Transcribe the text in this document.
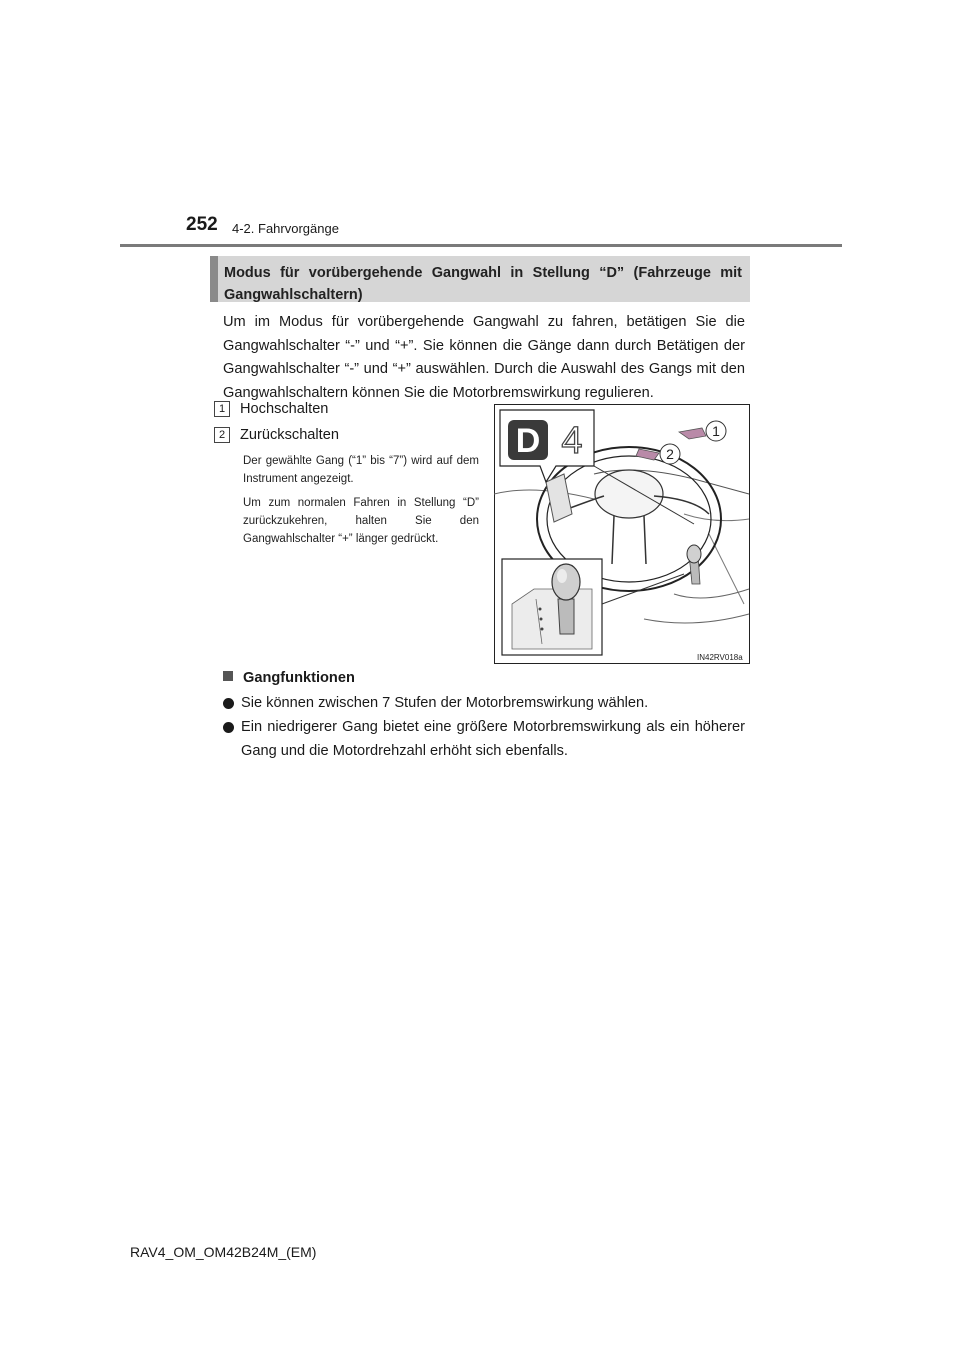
252 4-2. Fahrvorgänge
Modus für vorübergehende Gangwahl in Stellung “D” (Fahrzeuge mit Gangwahlschaltern)
Um im Modus für vorübergehende Gangwahl zu fahren, betätigen Sie die Gangwahlschalter “-” und “+”. Sie können die Gänge dann durch Betätigen der Gangwahlschalter “-” und “+” auswählen. Durch die Auswahl des Gangs mit den Gangwahlschaltern können Sie die Motorbremswirkung regulieren.
1 Hochschalten
2 Zurückschalten
Der gewählte Gang (“1” bis “7”) wird auf dem Instrument angezeigt.
Um zum normalen Fahren in Stellung “D” zurückzukehren, halten Sie den Gangwahlschalter “+” länger gedrückt.
1
2
D 4
IN42RV018a
Gangfunktionen
Sie können zwischen 7 Stufen der Motorbremswirkung wählen.
Ein niedrigerer Gang bietet eine größere Motorbremswirkung als ein höherer Gang und die Motordrehzahl erhöht sich ebenfalls.
RAV4_OM_OM42B24M_(EM)
